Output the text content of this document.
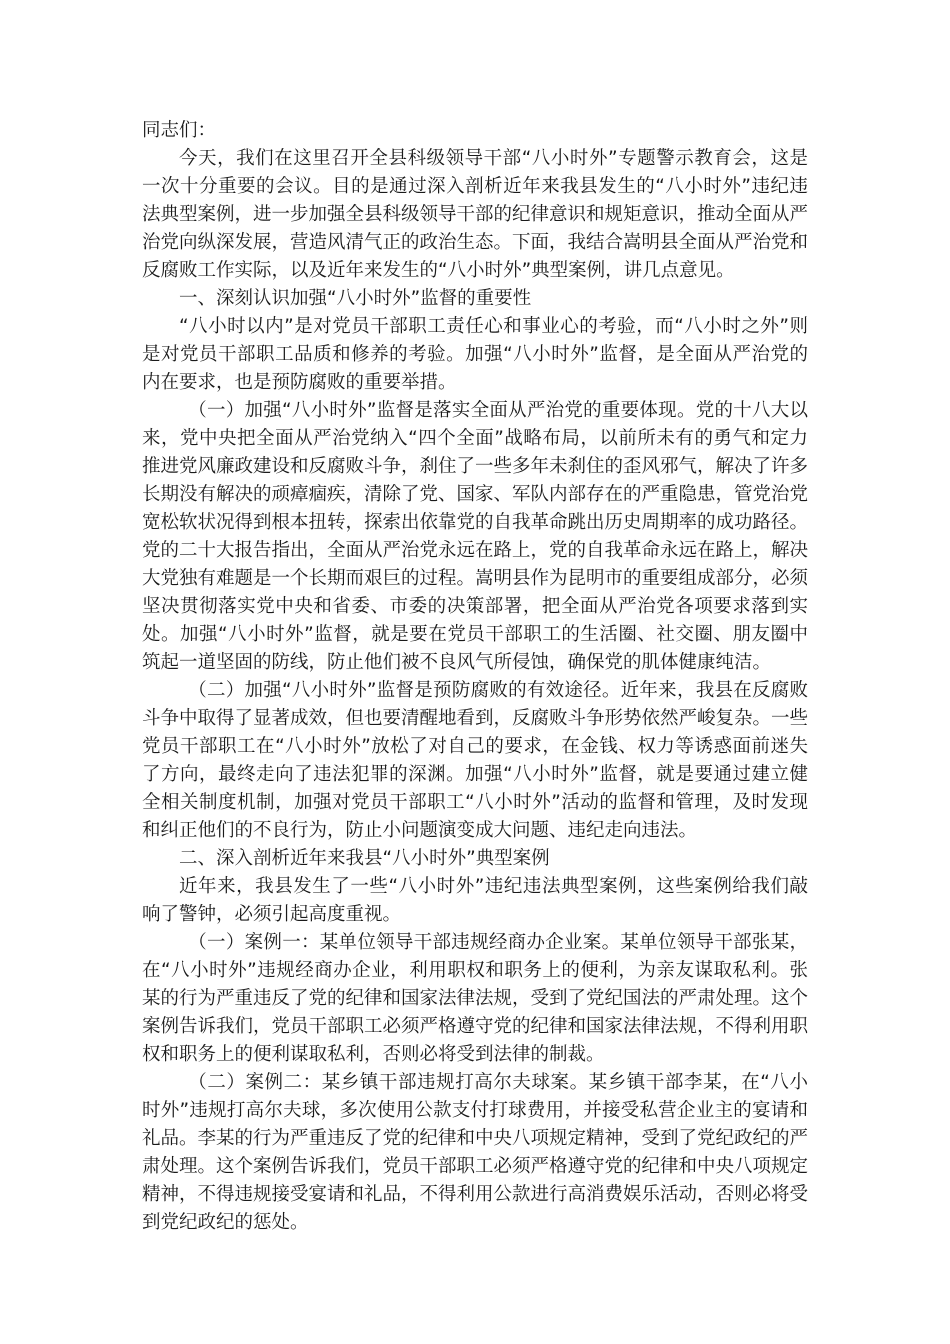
同志们：

今天，我们在这里召开全县科级领导干部“八小时外”专题警示教育会，这是一次十分重要的会议。目的是通过深入剖析近年来我县发生的“八小时外”违纪违法典型案例，进一步加强全县科级领导干部的纪律意识和规矩意识，推动全面从严治党向纵深发展，营造风清气正的政治生态。下面，我结合嵩明县全面从严治党和反腐败工作实际，以及近年来发生的“八小时外”典型案例，讲几点意见。

一、深刻认识加强“八小时外”监督的重要性

“八小时以内”是对党员干部职工责任心和事业心的考验，而“八小时之外”则是对党员干部职工品质和修养的考验。加强“八小时外”监督，是全面从严治党的内在要求，也是预防腐败的重要举措。

（一）加强“八小时外”监督是落实全面从严治党的重要体现。党的十八大以来，党中央把全面从严治党纳入“四个全面”战略布局，以前所未有的勇气和定力推进党风廉政建设和反腐败斗争，刹住了一些多年未刹住的歪风邪气，解决了许多长期没有解决的顽瘴痼疾，清除了党、国家、军队内部存在的严重隐患，管党治党宽松软状况得到根本扭转，探索出依靠党的自我革命跳出历史周期率的成功路径。党的二十大报告指出，全面从严治党永远在路上，党的自我革命永远在路上，解决大党独有难题是一个长期而艰巨的过程。嵩明县作为昆明市的重要组成部分，必须坚决贯彻落实党中央和省委、市委的决策部署，把全面从严治党各项要求落到实处。加强“八小时外”监督，就是要在党员干部职工的生活圈、社交圈、朋友圈中筑起一道坚固的防线，防止他们被不良风气所侵蚀，确保党的肌体健康纯洁。

（二）加强“八小时外”监督是预防腐败的有效途径。近年来，我县在反腐败斗争中取得了显著成效，但也要清醒地看到，反腐败斗争形势依然严峻复杂。一些党员干部职工在“八小时外”放松了对自己的要求，在金钱、权力等诱惑面前迷失了方向，最终走向了违法犯罪的深渊。加强“八小时外”监督，就是要通过建立健全相关制度机制，加强对党员干部职工“八小时外”活动的监督和管理，及时发现和纠正他们的不良行为，防止小问题演变成大问题、违纪走向违法。

二、深入剖析近年来我县“八小时外”典型案例

近年来，我县发生了一些“八小时外”违纪违法典型案例，这些案例给我们敲响了警钟，必须引起高度重视。

（一）案例一：某单位领导干部违规经商办企业案。某单位领导干部张某，在“八小时外”违规经商办企业，利用职权和职务上的便利，为亲友谋取私利。张某的行为严重违反了党的纪律和国家法律法规，受到了党纪国法的严肃处理。这个案例告诉我们，党员干部职工必须严格遵守党的纪律和国家法律法规，不得利用职权和职务上的便利谋取私利，否则必将受到法律的制裁。

（二）案例二：某乡镇干部违规打高尔夫球案。某乡镇干部李某，在“八小时外”违规打高尔夫球，多次使用公款支付打球费用，并接受私营企业主的宴请和礼品。李某的行为严重违反了党的纪律和中央八项规定精神，受到了党纪政纪的严肃处理。这个案例告诉我们，党员干部职工必须严格遵守党的纪律和中央八项规定精神，不得违规接受宴请和礼品，不得利用公款进行高消费娱乐活动，否则必将受到党纪政纪的惩处。
